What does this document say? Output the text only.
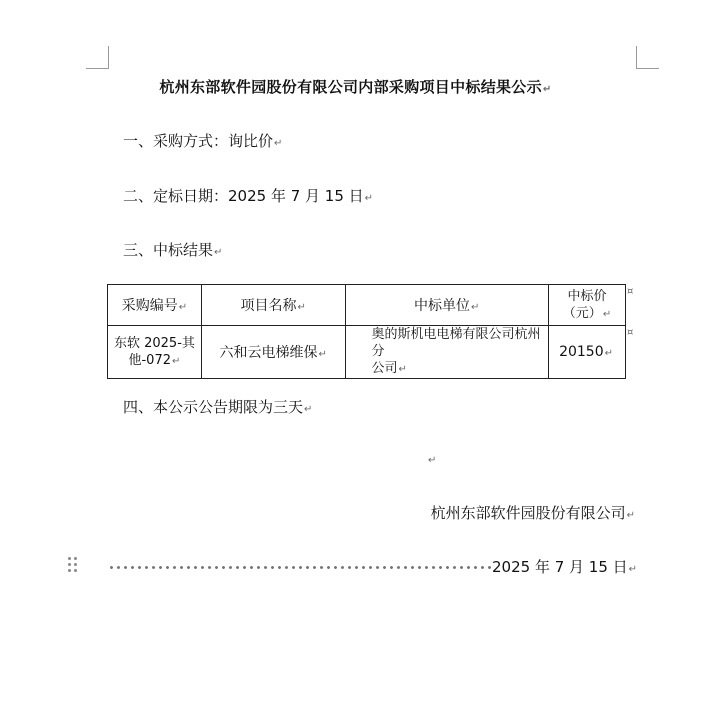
杭州东部软件园股份有限公司内部采购项目中标结果公示↵
一、采购方式：询比价↵
二、定标日期：2025 年 7 月 15 日↵
三、中标结果↵
采购编号↵	项目名称↵	中标单位↵	中标价
（元）↵
东软 2025-其
他-072↵	六和云电梯维保↵	奥的斯机电电梯有限公司杭州分
公司↵	20150↵
¤
¤
四、本公示公告期限为三天↵
↵
杭州东部软件园股份有限公司↵
2025 年 7 月 15 日↵
